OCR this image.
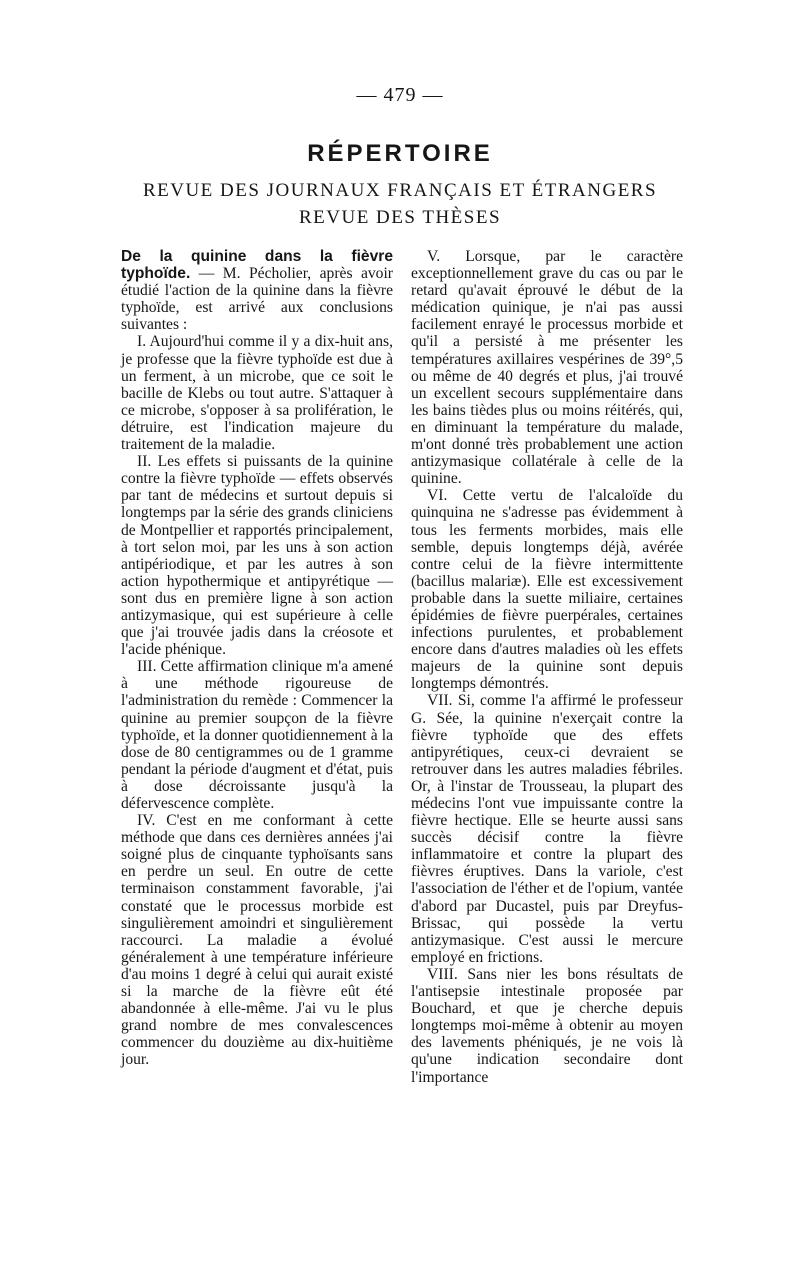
— 479 —
RÉPERTOIRE
REVUE DES JOURNAUX FRANÇAIS ET ÉTRANGERS
REVUE DES THÈSES

De la quinine dans la fièvre typhoïde. — M. Pécholier, après avoir étudié l'action de la quinine dans la fièvre typhoïde, est arrivé aux conclusions suivantes :

I. Aujourd'hui comme il y a dix-huit ans, je professe que la fièvre typhoïde est due à un ferment, à un microbe, que ce soit le bacille de Klebs ou tout autre. S'attaquer à ce microbe, s'opposer à sa prolifération, le détruire, est l'indication majeure du traitement de la maladie.

II. Les effets si puissants de la quinine contre la fièvre typhoïde — effets observés par tant de médecins et surtout depuis si longtemps par la série des grands cliniciens de Montpellier et rapportés principalement, à tort selon moi, par les uns à son action antipériodique, et par les autres à son action hypothermique et antipyrétique — sont dus en première ligne à son action antizymasique, qui est supérieure à celle que j'ai trouvée jadis dans la créosote et l'acide phénique.

III. Cette affirmation clinique m'a amené à une méthode rigoureuse de l'administration du remède : Commencer la quinine au premier soupçon de la fièvre typhoïde, et la donner quotidiennement à la dose de 80 centigrammes ou de 1 gramme pendant la période d'augment et d'état, puis à dose décroissante jusqu'à la défervescence complète.

IV. C'est en me conformant à cette méthode que dans ces dernières années j'ai soigné plus de cinquante typhoïsants sans en perdre un seul. En outre de cette terminaison constamment favorable, j'ai constaté que le processus morbide est singulièrement amoindri et singulièrement raccourci. La maladie a évolué généralement à une température inférieure d'au moins 1 degré à celui qui aurait existé si la marche de la fièvre eût été abandonnée à elle-même. J'ai vu le plus grand nombre de mes convalescences commencer du douzième au dix-huitième jour.

V. Lorsque, par le caractère exceptionnellement grave du cas ou par le retard qu'avait éprouvé le début de la médication quinique, je n'ai pas aussi facilement enrayé le processus morbide et qu'il a persisté à me présenter les températures axillaires vespérines de 39°,5 ou même de 40 degrés et plus, j'ai trouvé un excellent secours supplémentaire dans les bains tièdes plus ou moins réitérés, qui, en diminuant la température du malade, m'ont donné très probablement une action antizymasique collatérale à celle de la quinine.

VI. Cette vertu de l'alcaloïde du quinquina ne s'adresse pas évidemment à tous les ferments morbides, mais elle semble, depuis longtemps déjà, avérée contre celui de la fièvre intermittente (bacillus malariæ). Elle est excessivement probable dans la suette miliaire, certaines épidémies de fièvre puerpérales, certaines infections purulentes, et probablement encore dans d'autres maladies où les effets majeurs de la quinine sont depuis longtemps démontrés.

VII. Si, comme l'a affirmé le professeur G. Sée, la quinine n'exerçait contre la fièvre typhoïde que des effets antipyrétiques, ceux-ci devraient se retrouver dans les autres maladies fébriles. Or, à l'instar de Trousseau, la plupart des médecins l'ont vue impuissante contre la fièvre hectique. Elle se heurte aussi sans succès décisif contre la fièvre inflammatoire et contre la plupart des fièvres éruptives. Dans la variole, c'est l'association de l'éther et de l'opium, vantée d'abord par Ducastel, puis par Dreyfus-Brissac, qui possède la vertu antizymasique. C'est aussi le mercure employé en frictions.

VIII. Sans nier les bons résultats de l'antisepsie intestinale proposée par Bouchard, et que je cherche depuis longtemps moi-même à obtenir au moyen des lavements phéniqués, je ne vois là qu'une indication secondaire dont l'importance
